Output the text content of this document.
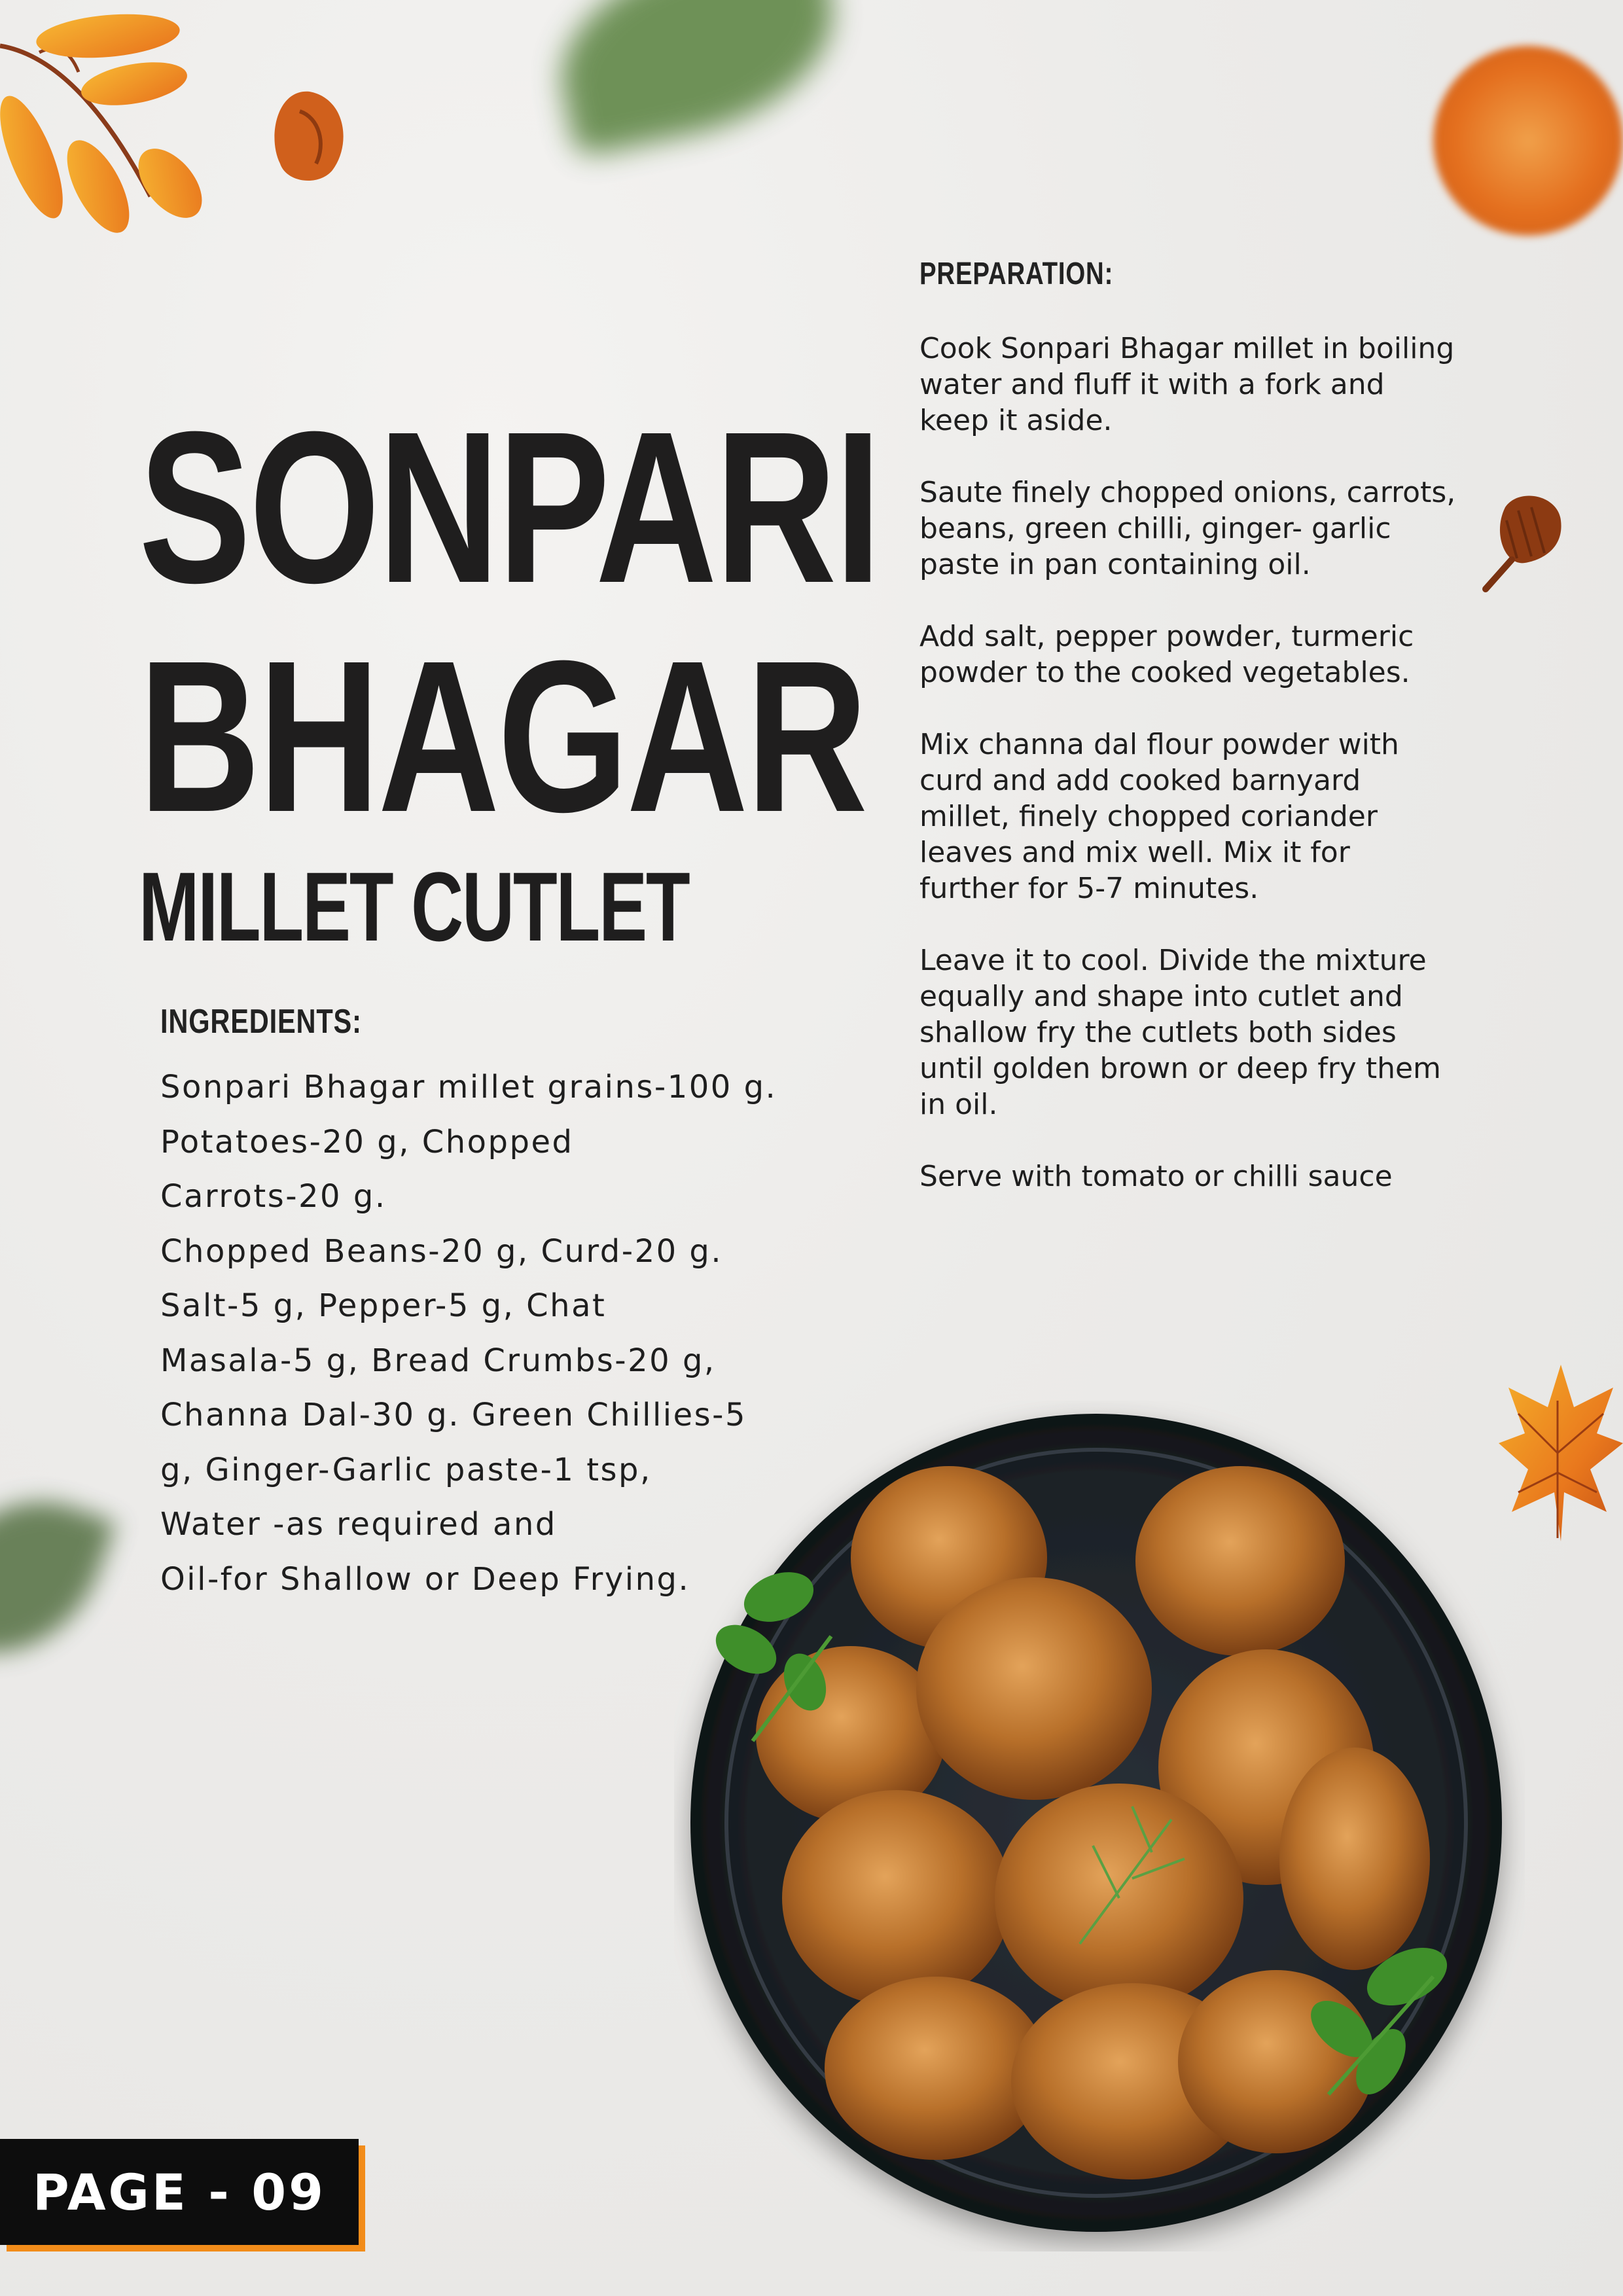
SONPARI
BHAGAR
MILLET CUTLET
INGREDIENTS:
Sonpari Bhagar millet grains-100 g.
Potatoes-20 g, Chopped
Carrots-20 g.
Chopped Beans-20 g, Curd-20 g.
Salt-5 g, Pepper-5 g, Chat
Masala-5 g, Bread Crumbs-20 g,
Channa Dal-30 g. Green Chillies-5
g, Ginger-Garlic paste-1 tsp,
Water -as required and
Oil-for Shallow or Deep Frying.
PREPARATION:

Cook Sonpari Bhagar millet in boiling water and fluff it with a fork and keep it aside.

Saute finely chopped onions, carrots, beans, green chilli, ginger- garlic paste in pan containing oil.

Add salt, pepper powder, turmeric powder to the cooked vegetables.

Mix channa dal flour powder with curd and add cooked barnyard millet, finely chopped coriander leaves and mix well. Mix it for further for 5-7 minutes.

Leave it to cool. Divide the mixture equally and shape into cutlet and shallow fry the cutlets both sides until golden brown or deep fry them in oil.

Serve with tomato or chilli sauce

PAGE - 09
